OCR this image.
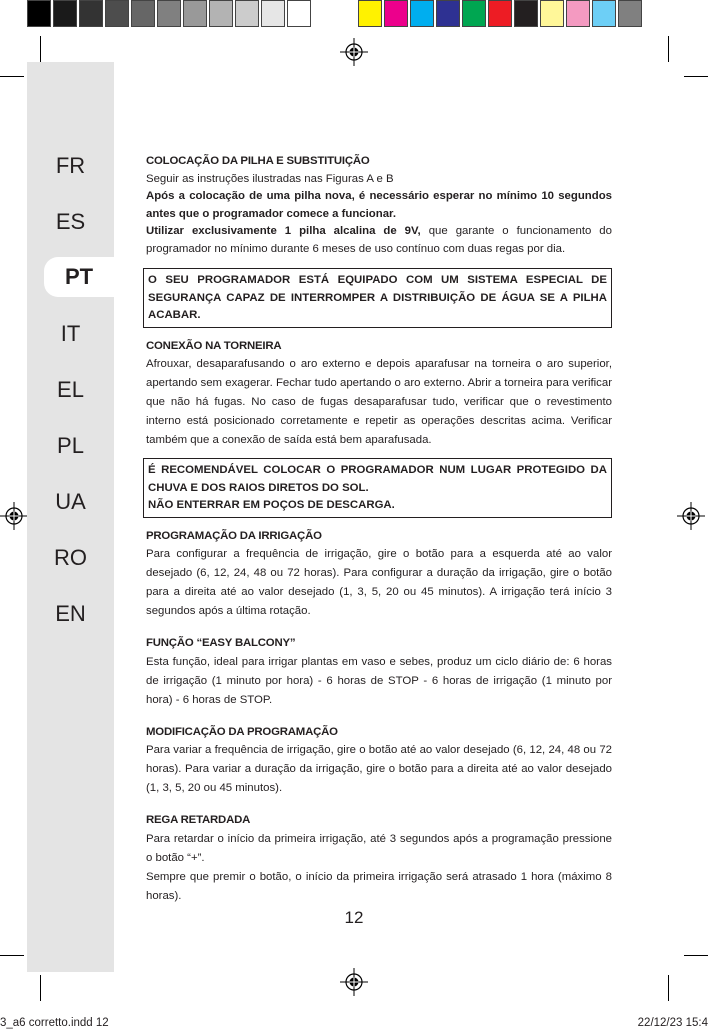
FR
ES
PT
IT
EL
PL
UA
RO
EN

COLOCAÇÃO DA PILHA E SUBSTITUIÇÃO

Seguir as instruções ilustradas nas Figuras A e B

Após a colocação de uma pilha nova, é necessário esperar no mínimo 10 segundos antes que o programador comece a funcionar.

Utilizar exclusivamente 1 pilha alcalina de 9V, que garante o funcionamento do programador no mínimo durante 6 meses de uso contínuo com duas regas por dia.

O SEU PROGRAMADOR ESTÁ EQUIPADO COM UM SISTEMA ESPECIAL DE SEGURANÇA CAPAZ DE INTERROMPER A DISTRIBUIÇÃO DE ÁGUA SE A PILHA ACABAR.

CONEXÃO NA TORNEIRA

Afrouxar, desaparafusando o aro externo e depois aparafusar na torneira o aro superior, apertando sem exagerar. Fechar tudo apertando o aro externo. Abrir a torneira para verificar que não há fugas. No caso de fugas desaparafusar tudo, verificar que o revestimento interno está posicionado corretamente e repetir as operações descritas acima. Verificar também que a conexão de saída está bem aparafusada.

É RECOMENDÁVEL COLOCAR O PROGRAMADOR NUM LUGAR PROTEGIDO DA CHUVA E DOS RAIOS DIRETOS DO SOL.
NÃO ENTERRAR EM POÇOS DE DESCARGA.

PROGRAMAÇÃO DA IRRIGAÇÃO

Para configurar a frequência de irrigação, gire o botão para a esquerda até ao valor desejado (6, 12, 24, 48 ou 72 horas). Para configurar a duração da irrigação, gire o botão para a direita até ao valor desejado (1, 3, 5, 20 ou 45 minutos). A irrigação terá início 3 segundos após a última rotação.

FUNÇÃO “EASY BALCONY”

Esta função, ideal para irrigar plantas em vaso e sebes, produz um ciclo diário de: 6 horas de irrigação (1 minuto por hora) - 6 horas de STOP - 6 horas de irrigação (1 minuto por hora) - 6 horas de STOP.

MODIFICAÇÃO DA PROGRAMAÇÃO

Para variar a frequência de irrigação, gire o botão até ao valor desejado (6, 12, 24, 48 ou 72 horas). Para variar a duração da irrigação, gire o botão para a direita até ao valor desejado (1, 3, 5, 20 ou 45 minutos).

REGA RETARDADA

Para retardar o início da primeira irrigação, até 3 segundos após a programação pressione o botão “+”.

Sempre que premir o botão, o início da primeira irrigação será atrasado 1 hora (máximo 8 horas).

12
3_a6 corretto.indd 12	22/12/23 15:4
